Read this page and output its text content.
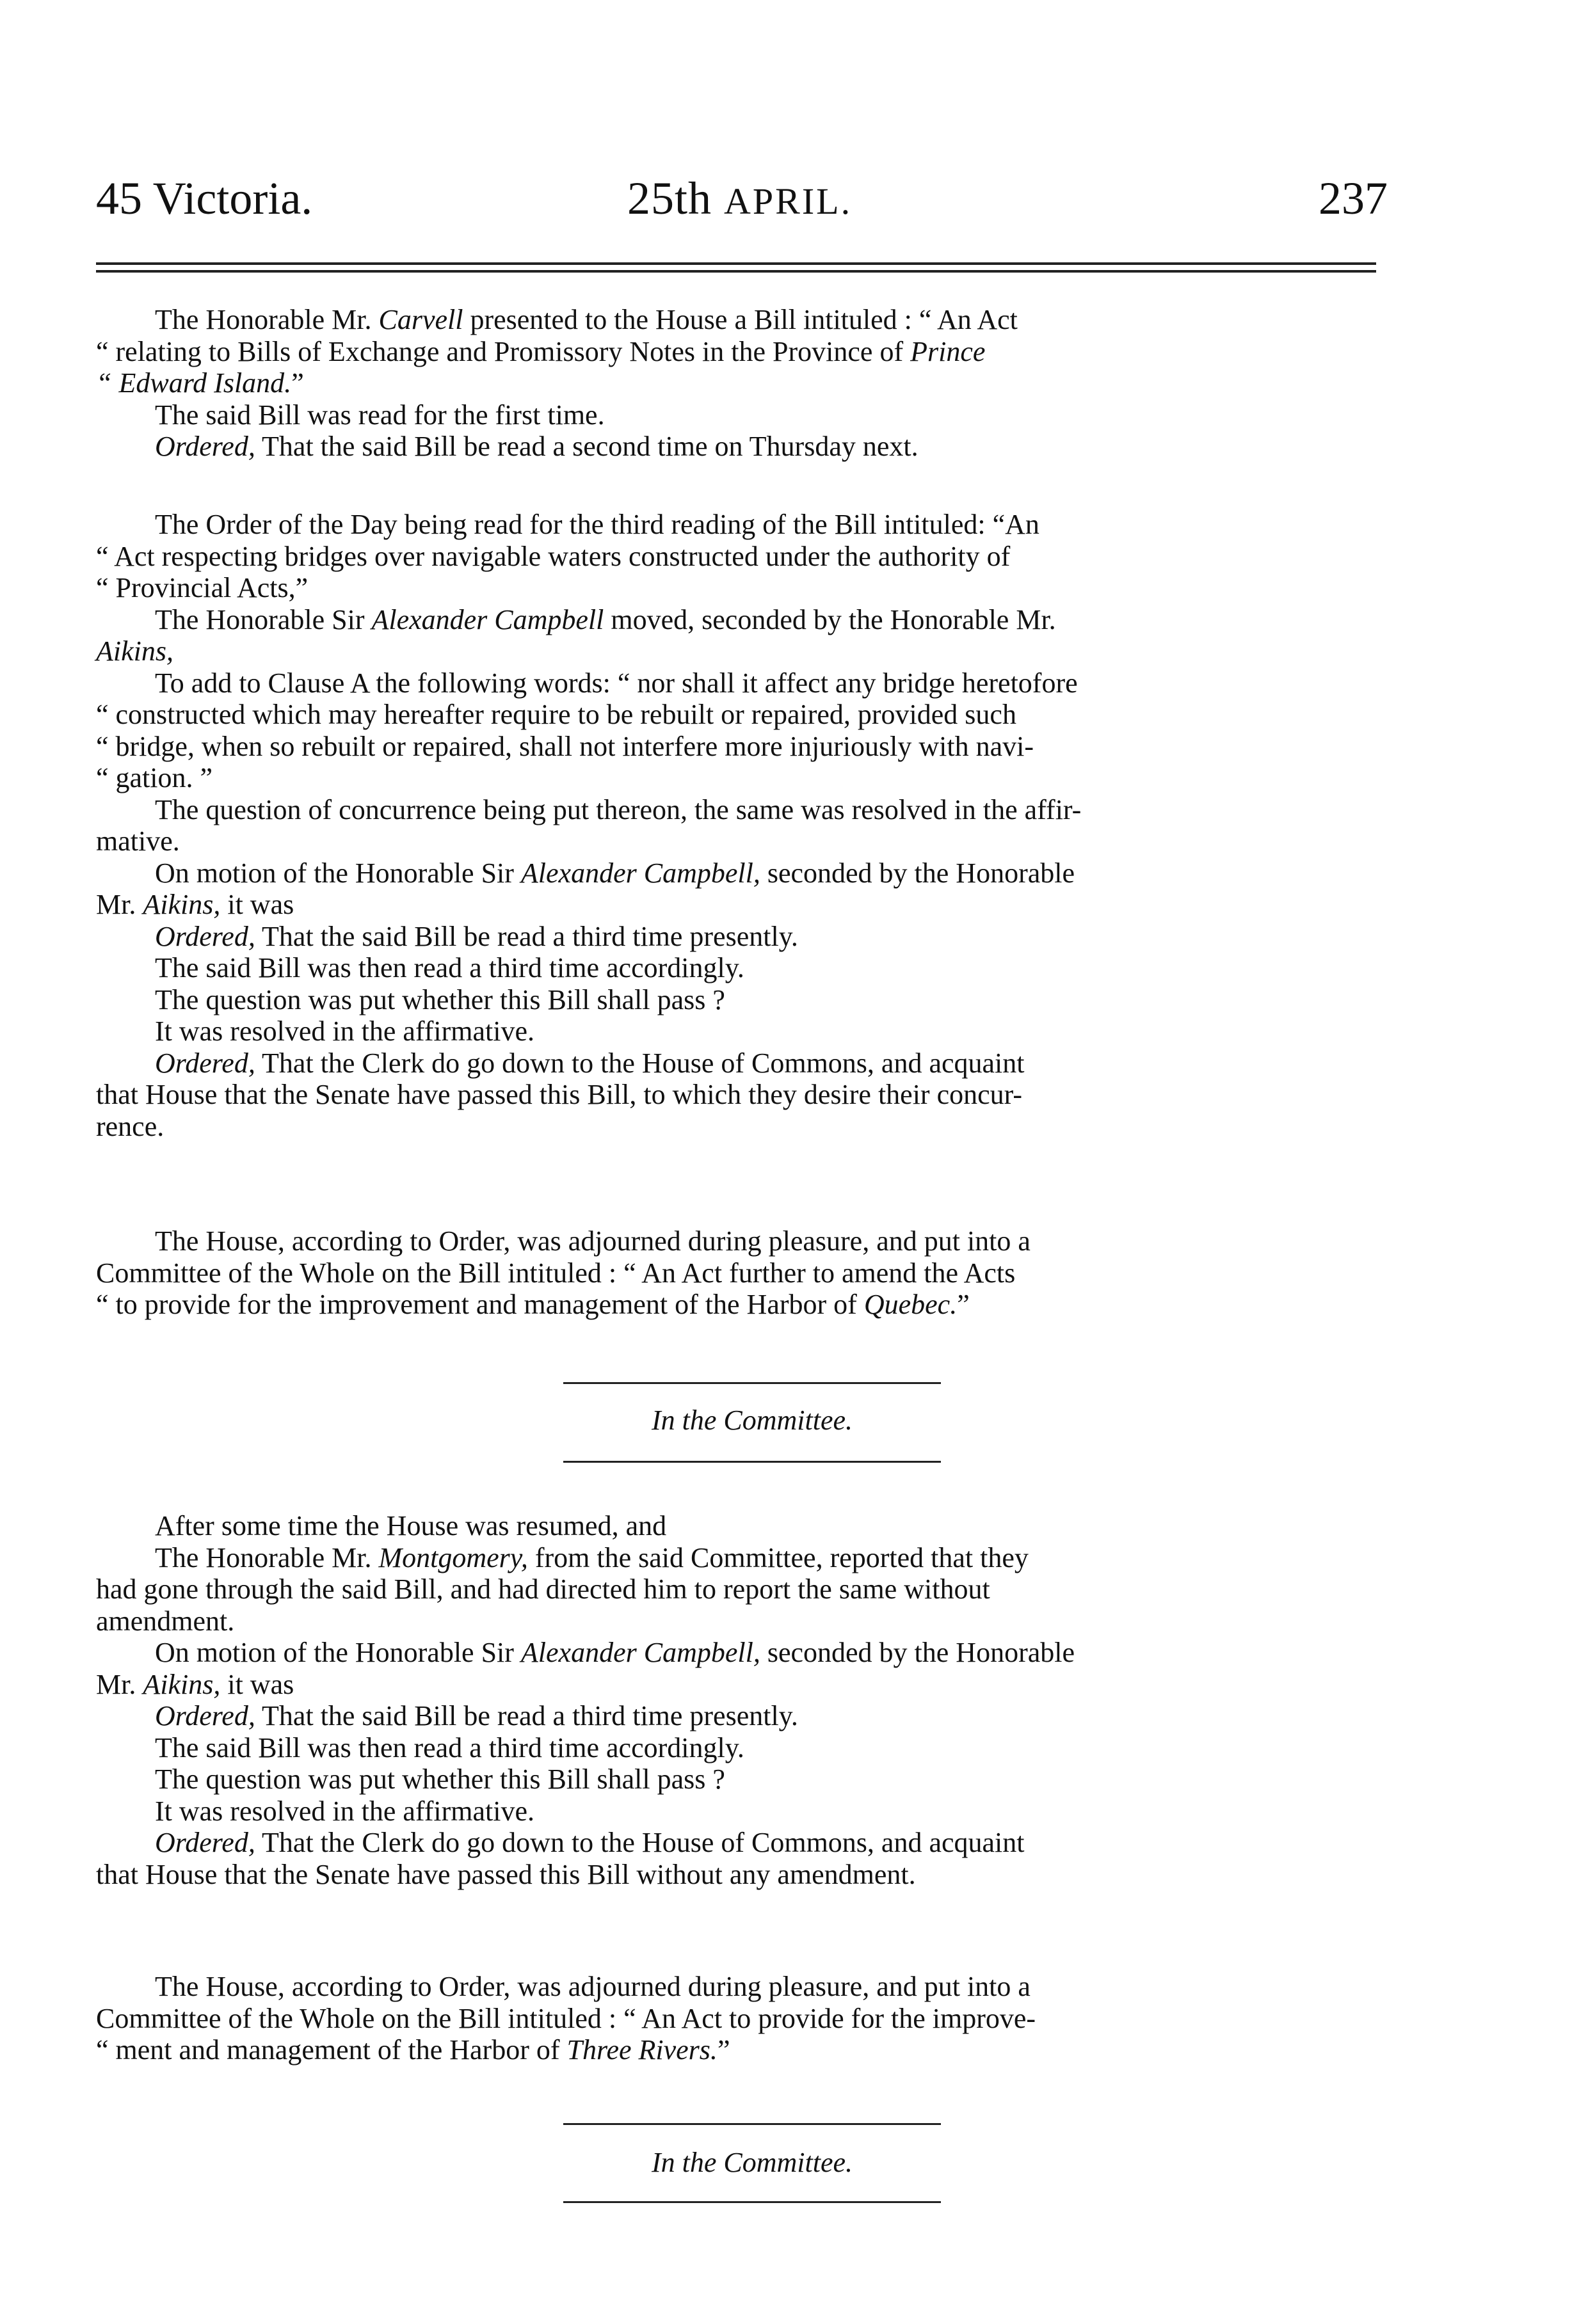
45 Victoria.	25th APRIL.	237

The Honorable Mr. Carvell presented to the House a Bill intituled : “ An Act

“ relating to Bills of Exchange and Promissory Notes in the Province of Prince

“ Edward Island.”

The said Bill was read for the first time.

Ordered, That the said Bill be read a second time on Thursday next.

The Order of the Day being read for the third reading of the Bill intituled: “An

“ Act respecting bridges over navigable waters constructed under the authority of

“ Provincial Acts,”

The Honorable Sir Alexander Campbell moved, seconded by the Honorable Mr.

Aikins,

To add to Clause A the following words: “ nor shall it affect any bridge heretofore

“ constructed which may hereafter require to be rebuilt or repaired, provided such

“ bridge, when so rebuilt or repaired, shall not interfere more injuriously with navi-

“ gation. ”

The question of concurrence being put thereon, the same was resolved in the affir-

mative.

On motion of the Honorable Sir Alexander Campbell, seconded by the Honorable

Mr. Aikins, it was

Ordered, That the said Bill be read a third time presently.

The said Bill was then read a third time accordingly.

The question was put whether this Bill shall pass ?

It was resolved in the affirmative.

Ordered, That the Clerk do go down to the House of Commons, and acquaint

that House that the Senate have passed this Bill, to which they desire their concur-

rence.

The House, according to Order, was adjourned during pleasure, and put into a

Committee of the Whole on the Bill intituled : “ An Act further to amend the Acts

“ to provide for the improvement and management of the Harbor of Quebec.”

In the Committee.

After some time the House was resumed, and

The Honorable Mr. Montgomery, from the said Committee, reported that they

had gone through the said Bill, and had directed him to report the same without

amendment.

On motion of the Honorable Sir Alexander Campbell, seconded by the Honorable

Mr. Aikins, it was

Ordered, That the said Bill be read a third time presently.

The said Bill was then read a third time accordingly.

The question was put whether this Bill shall pass ?

It was resolved in the affirmative.

Ordered, That the Clerk do go down to the House of Commons, and acquaint

that House that the Senate have passed this Bill without any amendment.

The House, according to Order, was adjourned during pleasure, and put into a

Committee of the Whole on the Bill intituled : “ An Act to provide for the improve-

“ ment and management of the Harbor of Three Rivers.”

In the Committee.
